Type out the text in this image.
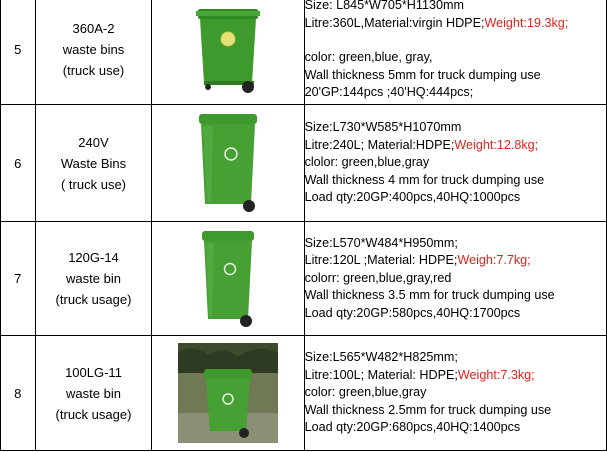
5	360A-2
waste bins
(truck use)		Size: L845*W705*H1130mm
Litre:360L,Material:virgin HDPE;Weight:19.3kg;
color: green,blue, gray,
Wall thickness 5mm for truck dumping use
20'GP:144pcs ;40'HQ:444pcs;

6	240V
Waste Bins
( truck use)		Size:L730*W585*H1070mm
Litre:240L; Material:HDPE;Weight:12.8kg;
clolor: green,blue,gray
Wall thickness 4 mm for truck dumping use
Load qty:20GP:400pcs,40HQ:1000pcs

7	120G-14
waste bin
(truck usage)		Size:L570*W484*H950mm;
Litre:120L ;Material: HDPE;Weigh:7.7kg;
colorr: green,blue,gray,red
Wall thickness 3.5 mm for truck dumping use
Load qty:20GP:580pcs,40HQ:1700pcs

8	100LG-11
waste bin
(truck usage)		Size:L565*W482*H825mm;
Litre:100L; Material: HDPE;Weight:7.3kg;
color: green,blue,gray
Wall thickness 2.5mm for truck dumping use
Load qty:20GP:680pcs,40HQ:1400pcs
